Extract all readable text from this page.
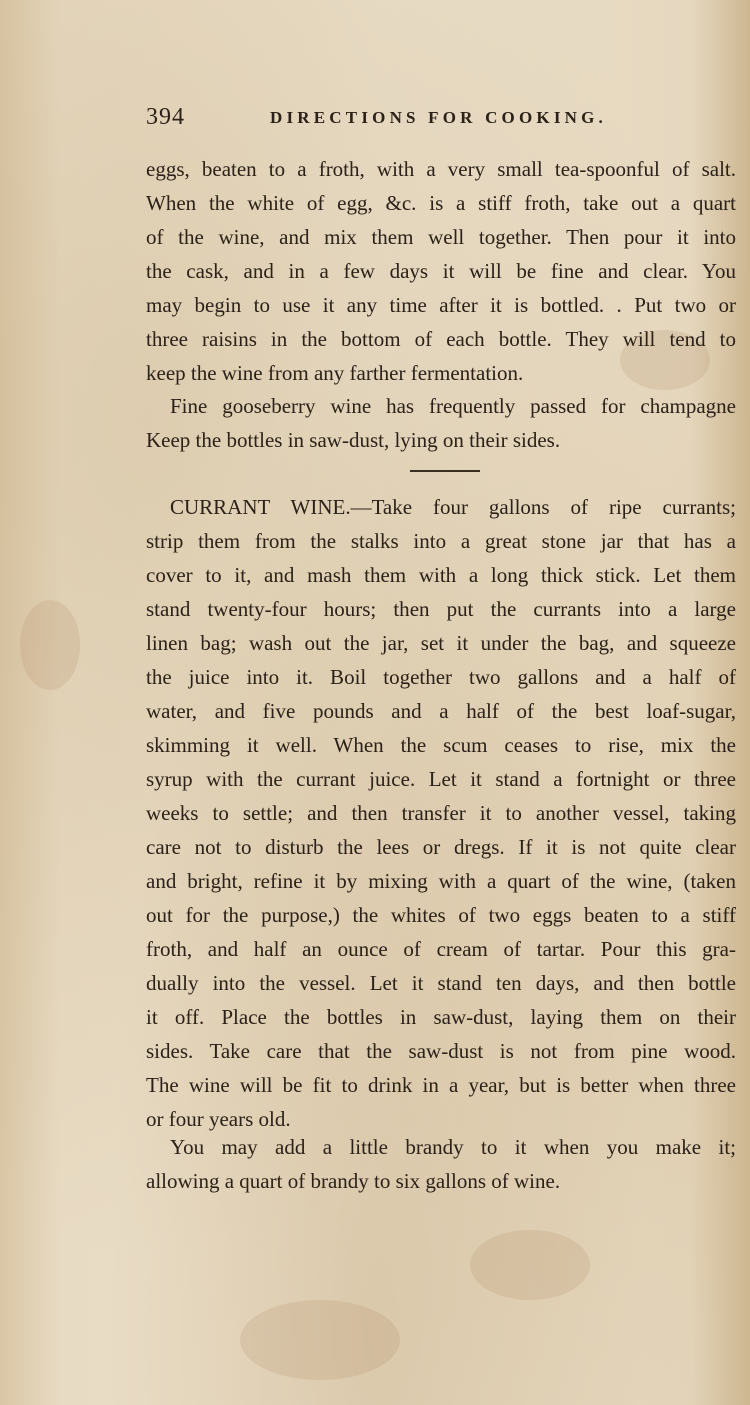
394	DIRECTIONS FOR COOKING.
eggs, beaten to a froth, with a very small tea-spoonful of salt.
When the white of egg, &c. is a stiff froth, take out a quart
of the wine, and mix them well together. Then pour it into
the cask, and in a few days it will be fine and clear. You
may begin to use it any time after it is bottled. . Put two or
three raisins in the bottom of each bottle. They will tend to
keep the wine from any farther fermentation.
Fine gooseberry wine has frequently passed for champagne
Keep the bottles in saw-dust, lying on their sides.
CURRANT WINE.—Take four gallons of ripe currants;
strip them from the stalks into a great stone jar that has a
cover to it, and mash them with a long thick stick. Let them
stand twenty-four hours; then put the currants into a large
linen bag; wash out the jar, set it under the bag, and squeeze
the juice into it. Boil together two gallons and a half of
water, and five pounds and a half of the best loaf-sugar,
skimming it well. When the scum ceases to rise, mix the
syrup with the currant juice. Let it stand a fortnight or three
weeks to settle; and then transfer it to another vessel, taking
care not to disturb the lees or dregs. If it is not quite clear
and bright, refine it by mixing with a quart of the wine, (taken
out for the purpose,) the whites of two eggs beaten to a stiff
froth, and half an ounce of cream of tartar. Pour this gra-
dually into the vessel. Let it stand ten days, and then bottle
it off. Place the bottles in saw-dust, laying them on their
sides. Take care that the saw-dust is not from pine wood.
The wine will be fit to drink in a year, but is better when three
or four years old.
You may add a little brandy to it when you make it;
allowing a quart of brandy to six gallons of wine.
